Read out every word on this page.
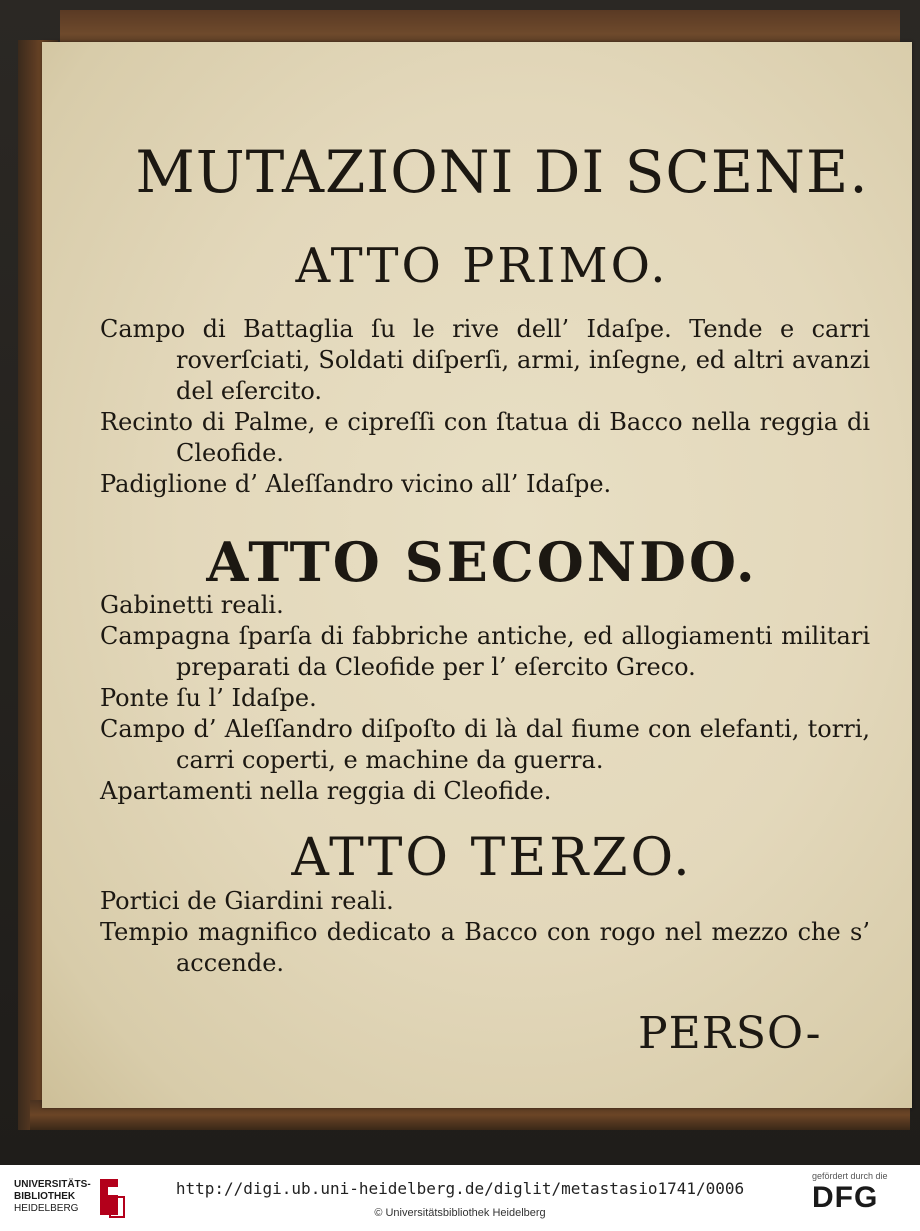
MUTAZIONI DI SCENE.
ATTO PRIMO.
Campo di Battaglia ſu le rive dell’ Idaſpe. Tende e carri roverſciati, Soldati diſperſi, armi, inſegne, ed altri avanzi del eſercito.
Recinto di Palme, e cipreſſi con ſtatua di Bacco nella reggia di Cleofide.
Padiglione d’ Aleſſandro vicino all’ Idaſpe.
ATTO SECONDO.
Gabinetti reali.
Campagna ſparſa di fabbriche antiche, ed allogiamenti militari preparati da Cleofide per l’ eſercito Greco.
Ponte ſu l’ Idaſpe.
Campo d’ Aleſſandro diſpoſto di là dal fiume con elefanti, torri, carri coperti, e machine da guerra.
Apartamenti nella reggia di Cleofide.
ATTO TERZO.
Portici de Giardini reali.
Tempio magnifico dedicato a Bacco con rogo nel mezzo che s’ accende.
PERSO-
UNIVERSITÄTS-
BIBLIOTHEK
HEIDELBERG
http://digi.ub.uni-heidelberg.de/diglit/metastasio1741/0006
© Universitätsbibliothek Heidelberg
gefördert durch die
DFG
